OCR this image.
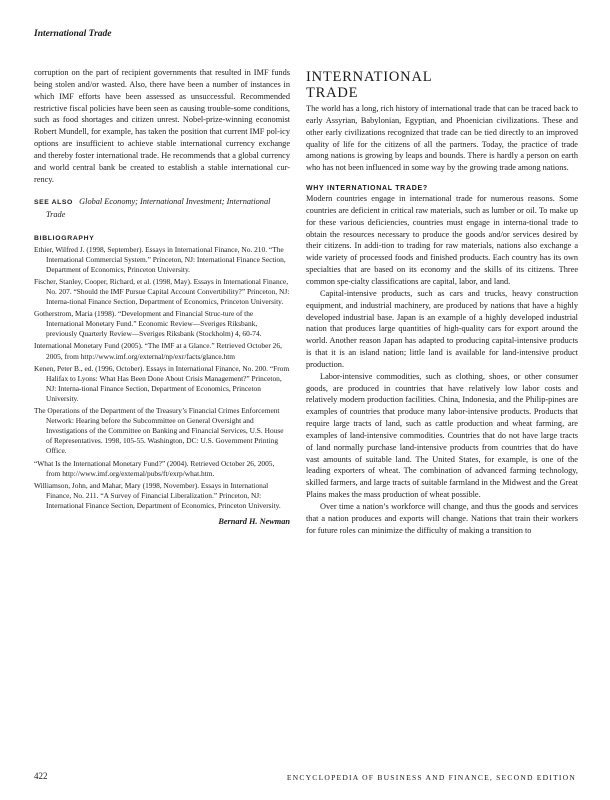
International Trade

corruption on the part of recipient governments that resulted in IMF funds being stolen and/or wasted. Also, there have been a number of instances in which IMF efforts have been assessed as unsuccessful. Recommended restrictive fiscal policies have been seen as causing trouble-some conditions, such as food shortages and citizen unrest. Nobel-prize-winning economist Robert Mundell, for example, has taken the position that current IMF pol-icy options are insufficient to achieve stable international currency exchange and thereby foster international trade. He recommends that a global currency and world central bank be created to establish a stable international cur-rency.

SEE ALSO Global Economy; International Investment; International Trade
BIBLIOGRAPHY
Ethier, Wilfred J. (1998, September). Essays in International Finance, No. 210. “The International Commercial System.” Princeton, NJ: International Finance Section, Department of Economics, Princeton University.
Fischer, Stanley, Cooper, Richard, et al. (1998, May). Essays in International Finance, No. 207. “Should the IMF Pursue Capital Account Convertibility?” Princeton, NJ: Interna-tional Finance Section, Department of Economics, Princeton University.
Gotherstrom, Maria (1998). “Development and Financial Struc-ture of the International Monetary Fund.” Economic Review—Sveriges Riksbank, previously Quarterly Review—Sveriges Riksbank (Stockholm) 4, 60-74.
International Monetary Fund (2005). “The IMF at a Glance.” Retrieved October 26, 2005, from http://www.imf.org/external/np/exr/facts/glance.htm
Kenen, Peter B., ed. (1996, October). Essays in International Finance, No. 200. “From Halifax to Lyons: What Has Been Done About Crisis Management?” Princeton, NJ: Interna-tional Finance Section, Department of Economics, Princeton University.
The Operations of the Department of the Treasury’s Financial Crimes Enforcement Network: Hearing before the Subcommittee on General Oversight and Investigations of the Committee on Banking and Financial Services, U.S. House of Representatives. 1998, 105-55. Washington, DC: U.S. Government Printing Office.
“What Is the International Monetary Fund?” (2004). Retrieved October 26, 2005, from http://www.imf.org/external/pubs/ft/exrp/what.htm.
Williamson, John, and Mahar, Mary (1998, November). Essays in International Finance, No. 211. “A Survey of Financial Liberalization.” Princeton, NJ: International Finance Section, Department of Economics, Princeton University.
Bernard H. Newman
INTERNATIONAL
TRADE

The world has a long, rich history of international trade that can be traced back to early Assyrian, Babylonian, Egyptian, and Phoenician civilizations. These and other early civilizations recognized that trade can be tied directly to an improved quality of life for the citizens of all the partners. Today, the practice of trade among nations is growing by leaps and bounds. There is hardly a person on earth who has not been influenced in some way by the growing trade among nations.

WHY INTERNATIONAL TRADE?

Modern countries engage in international trade for numerous reasons. Some countries are deficient in critical raw materials, such as lumber or oil. To make up for these various deficiencies, countries must engage in interna-tional trade to obtain the resources necessary to produce the goods and/or services desired by their citizens. In addi-tion to trading for raw materials, nations also exchange a wide variety of processed foods and finished products. Each country has its own specialties that are based on its economy and the skills of its citizens. Three common spe-cialty classifications are capital, labor, and land.

Capital-intensive products, such as cars and trucks, heavy construction equipment, and industrial machinery, are produced by nations that have a highly developed industrial base. Japan is an example of a highly developed industrial nation that produces large quantities of high-quality cars for export around the world. Another reason Japan has adapted to producing capital-intensive products is that it is an island nation; little land is available for land-intensive product production.

Labor-intensive commodities, such as clothing, shoes, or other consumer goods, are produced in countries that have relatively low labor costs and relatively modern production facilities. China, Indonesia, and the Philip-pines are examples of countries that produce many labor-intensive products. Products that require large tracts of land, such as cattle production and wheat farming, are examples of land-intensive commodities. Countries that do not have large tracts of land normally purchase land-intensive products from countries that do have vast amounts of suitable land. The United States, for example, is one of the leading exporters of wheat. The combination of advanced farming technology, skilled farmers, and large tracts of suitable farmland in the Midwest and the Great Plains makes the mass production of wheat possible.

Over time a nation’s workforce will change, and thus the goods and services that a nation produces and exports will change. Nations that train their workers for future roles can minimize the difficulty of making a transition to

422	ENCYCLOPEDIA OF BUSINESS AND FINANCE, SECOND EDITION
